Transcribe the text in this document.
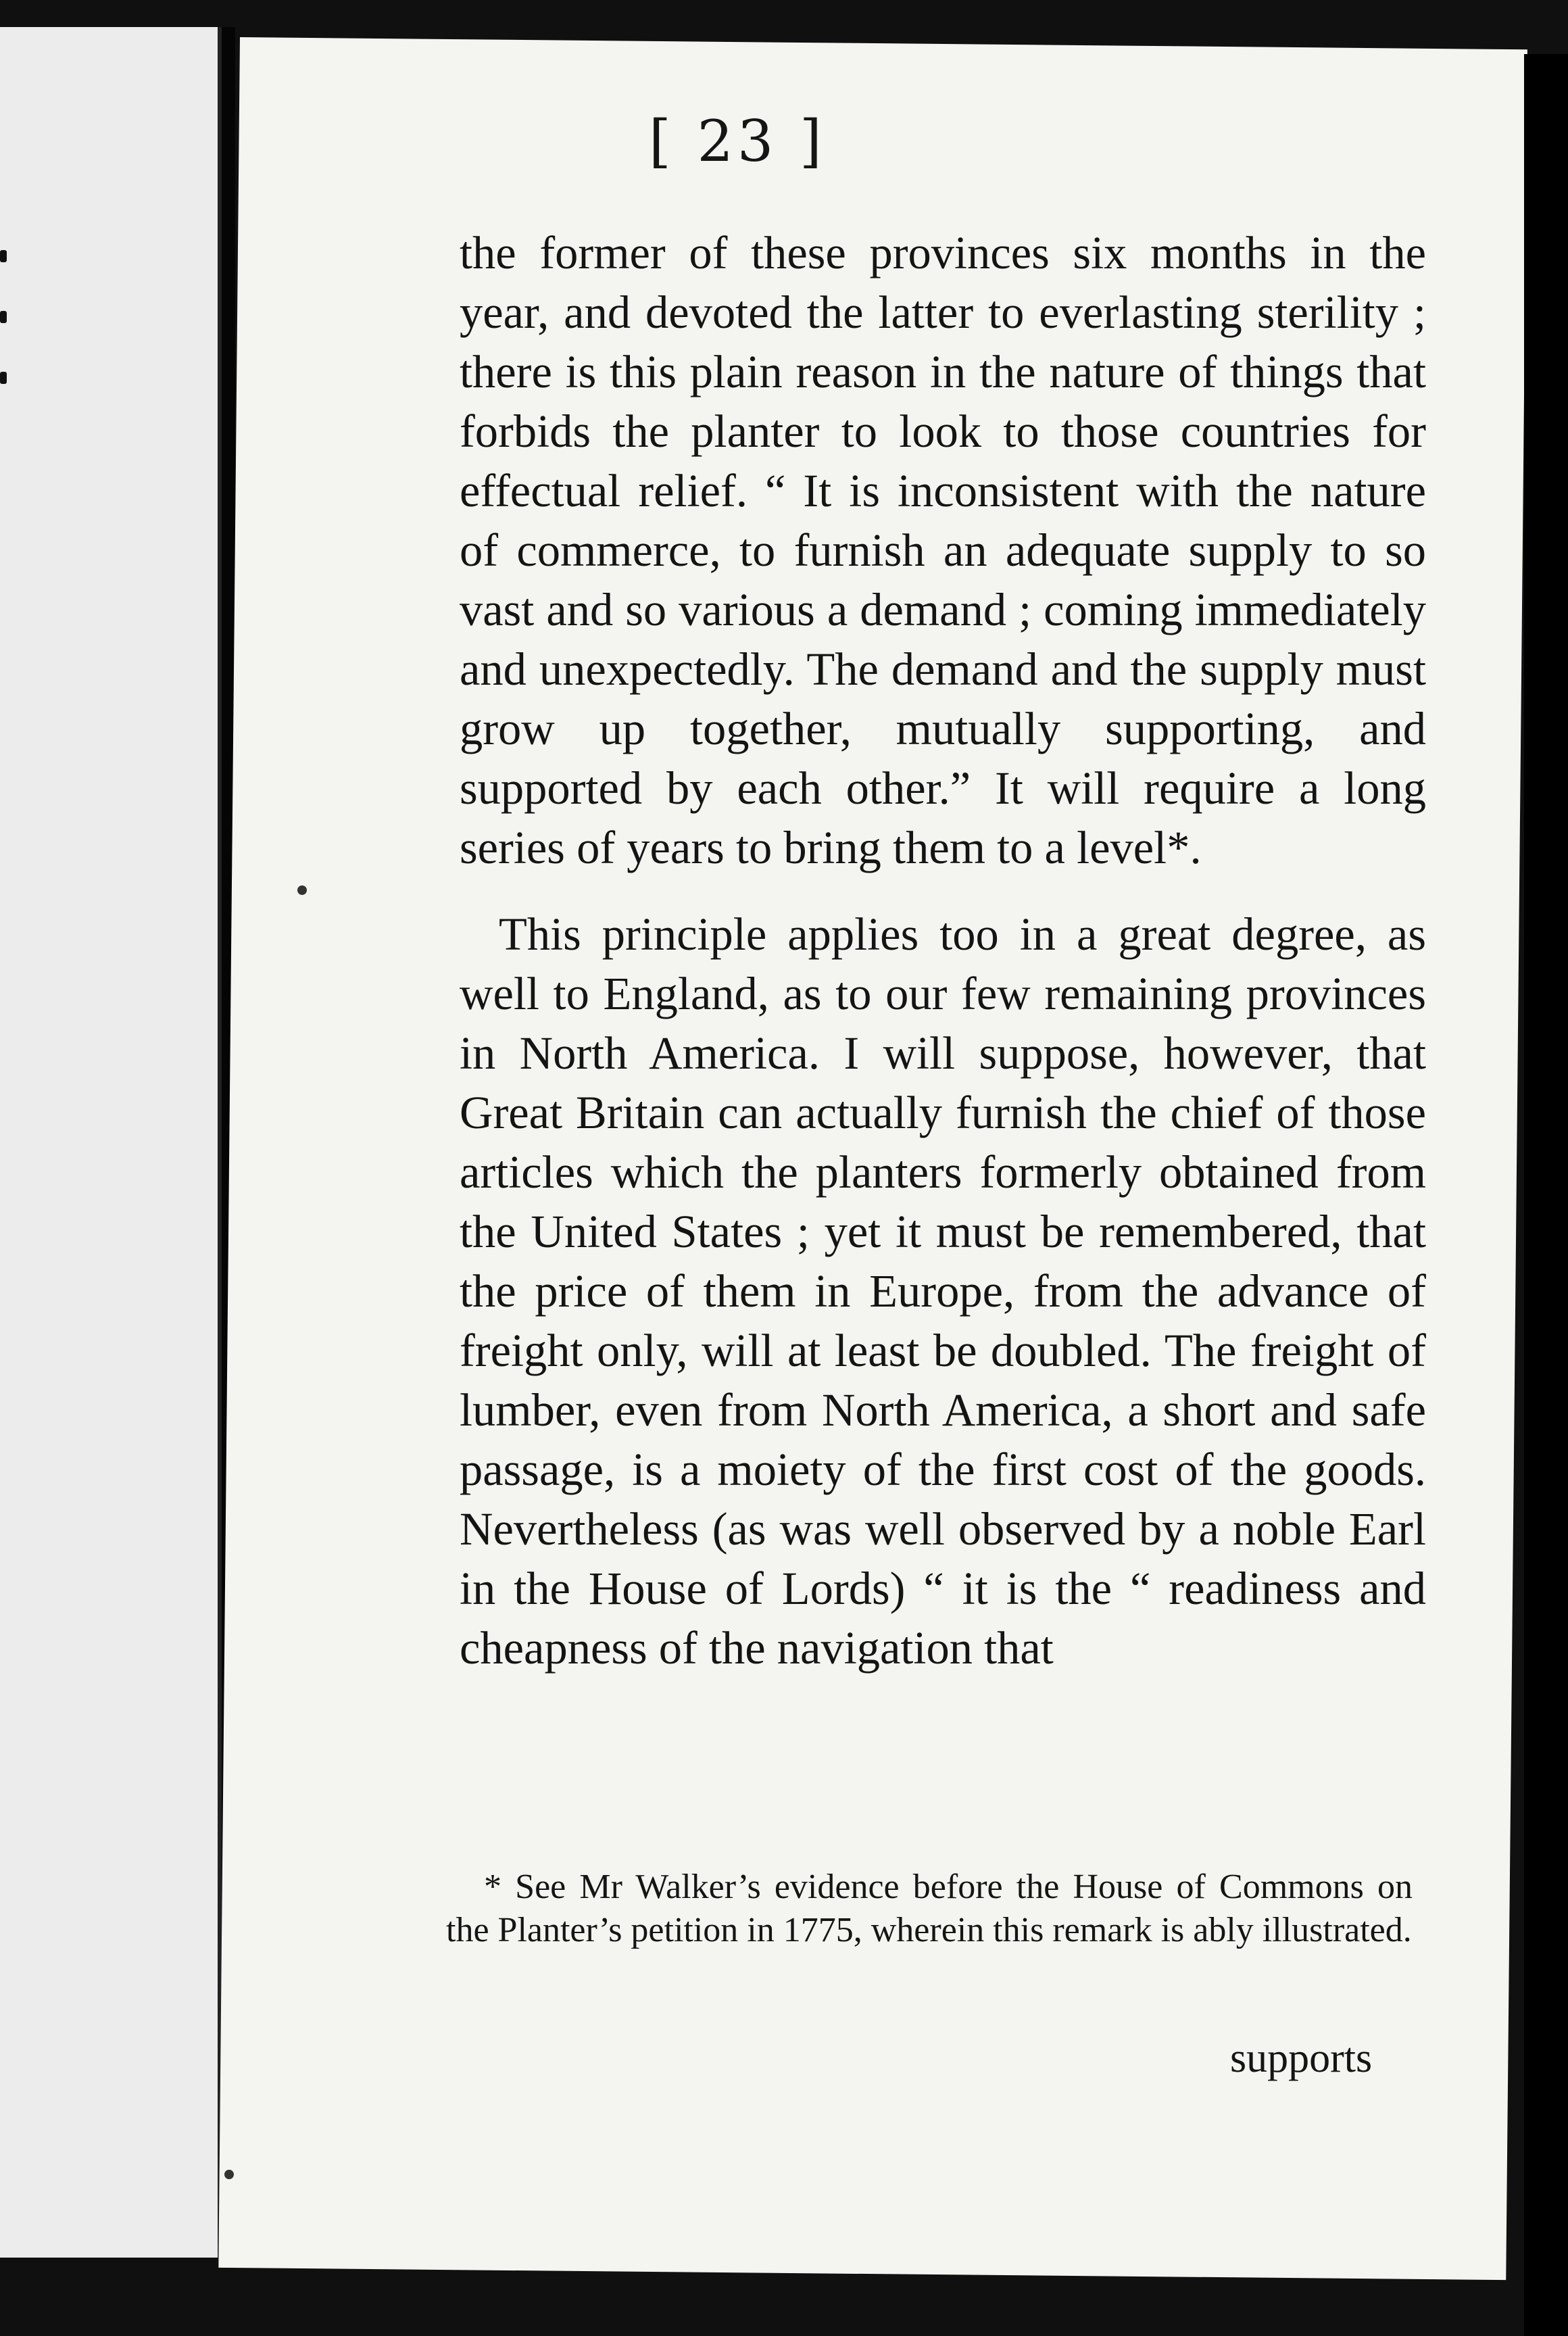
[ 23 ]

the former of these provinces six months in the year, and devoted the latter to everlasting sterility ; there is this plain reason in the nature of things that forbids the planter to look to those countries for effectual relief. “ It is inconsistent with the nature of commerce, to furnish an adequate supply to so vast and so various a demand ; coming immediately and unexpectedly. The demand and the supply must grow up together, mutually supporting, and supported by each other.” It will require a long series of years to bring them to a level*.

This principle applies too in a great degree, as well to England, as to our few remaining provinces in North America. I will suppose, however, that Great Britain can actually furnish the chief of those articles which the planters formerly obtained from the United States ; yet it must be remembered, that the price of them in Europe, from the advance of freight only, will at least be doubled. The freight of lumber, even from North America, a short and safe passage, is a moiety of the first cost of the goods. Nevertheless (as was well observed by a noble Earl in the House of Lords) “ it is the “ readiness and cheapness of the navigation that

* See Mr Walker’s evidence before the House of Commons on the Planter’s petition in 1775, wherein this remark is ably illustrated.
supports
